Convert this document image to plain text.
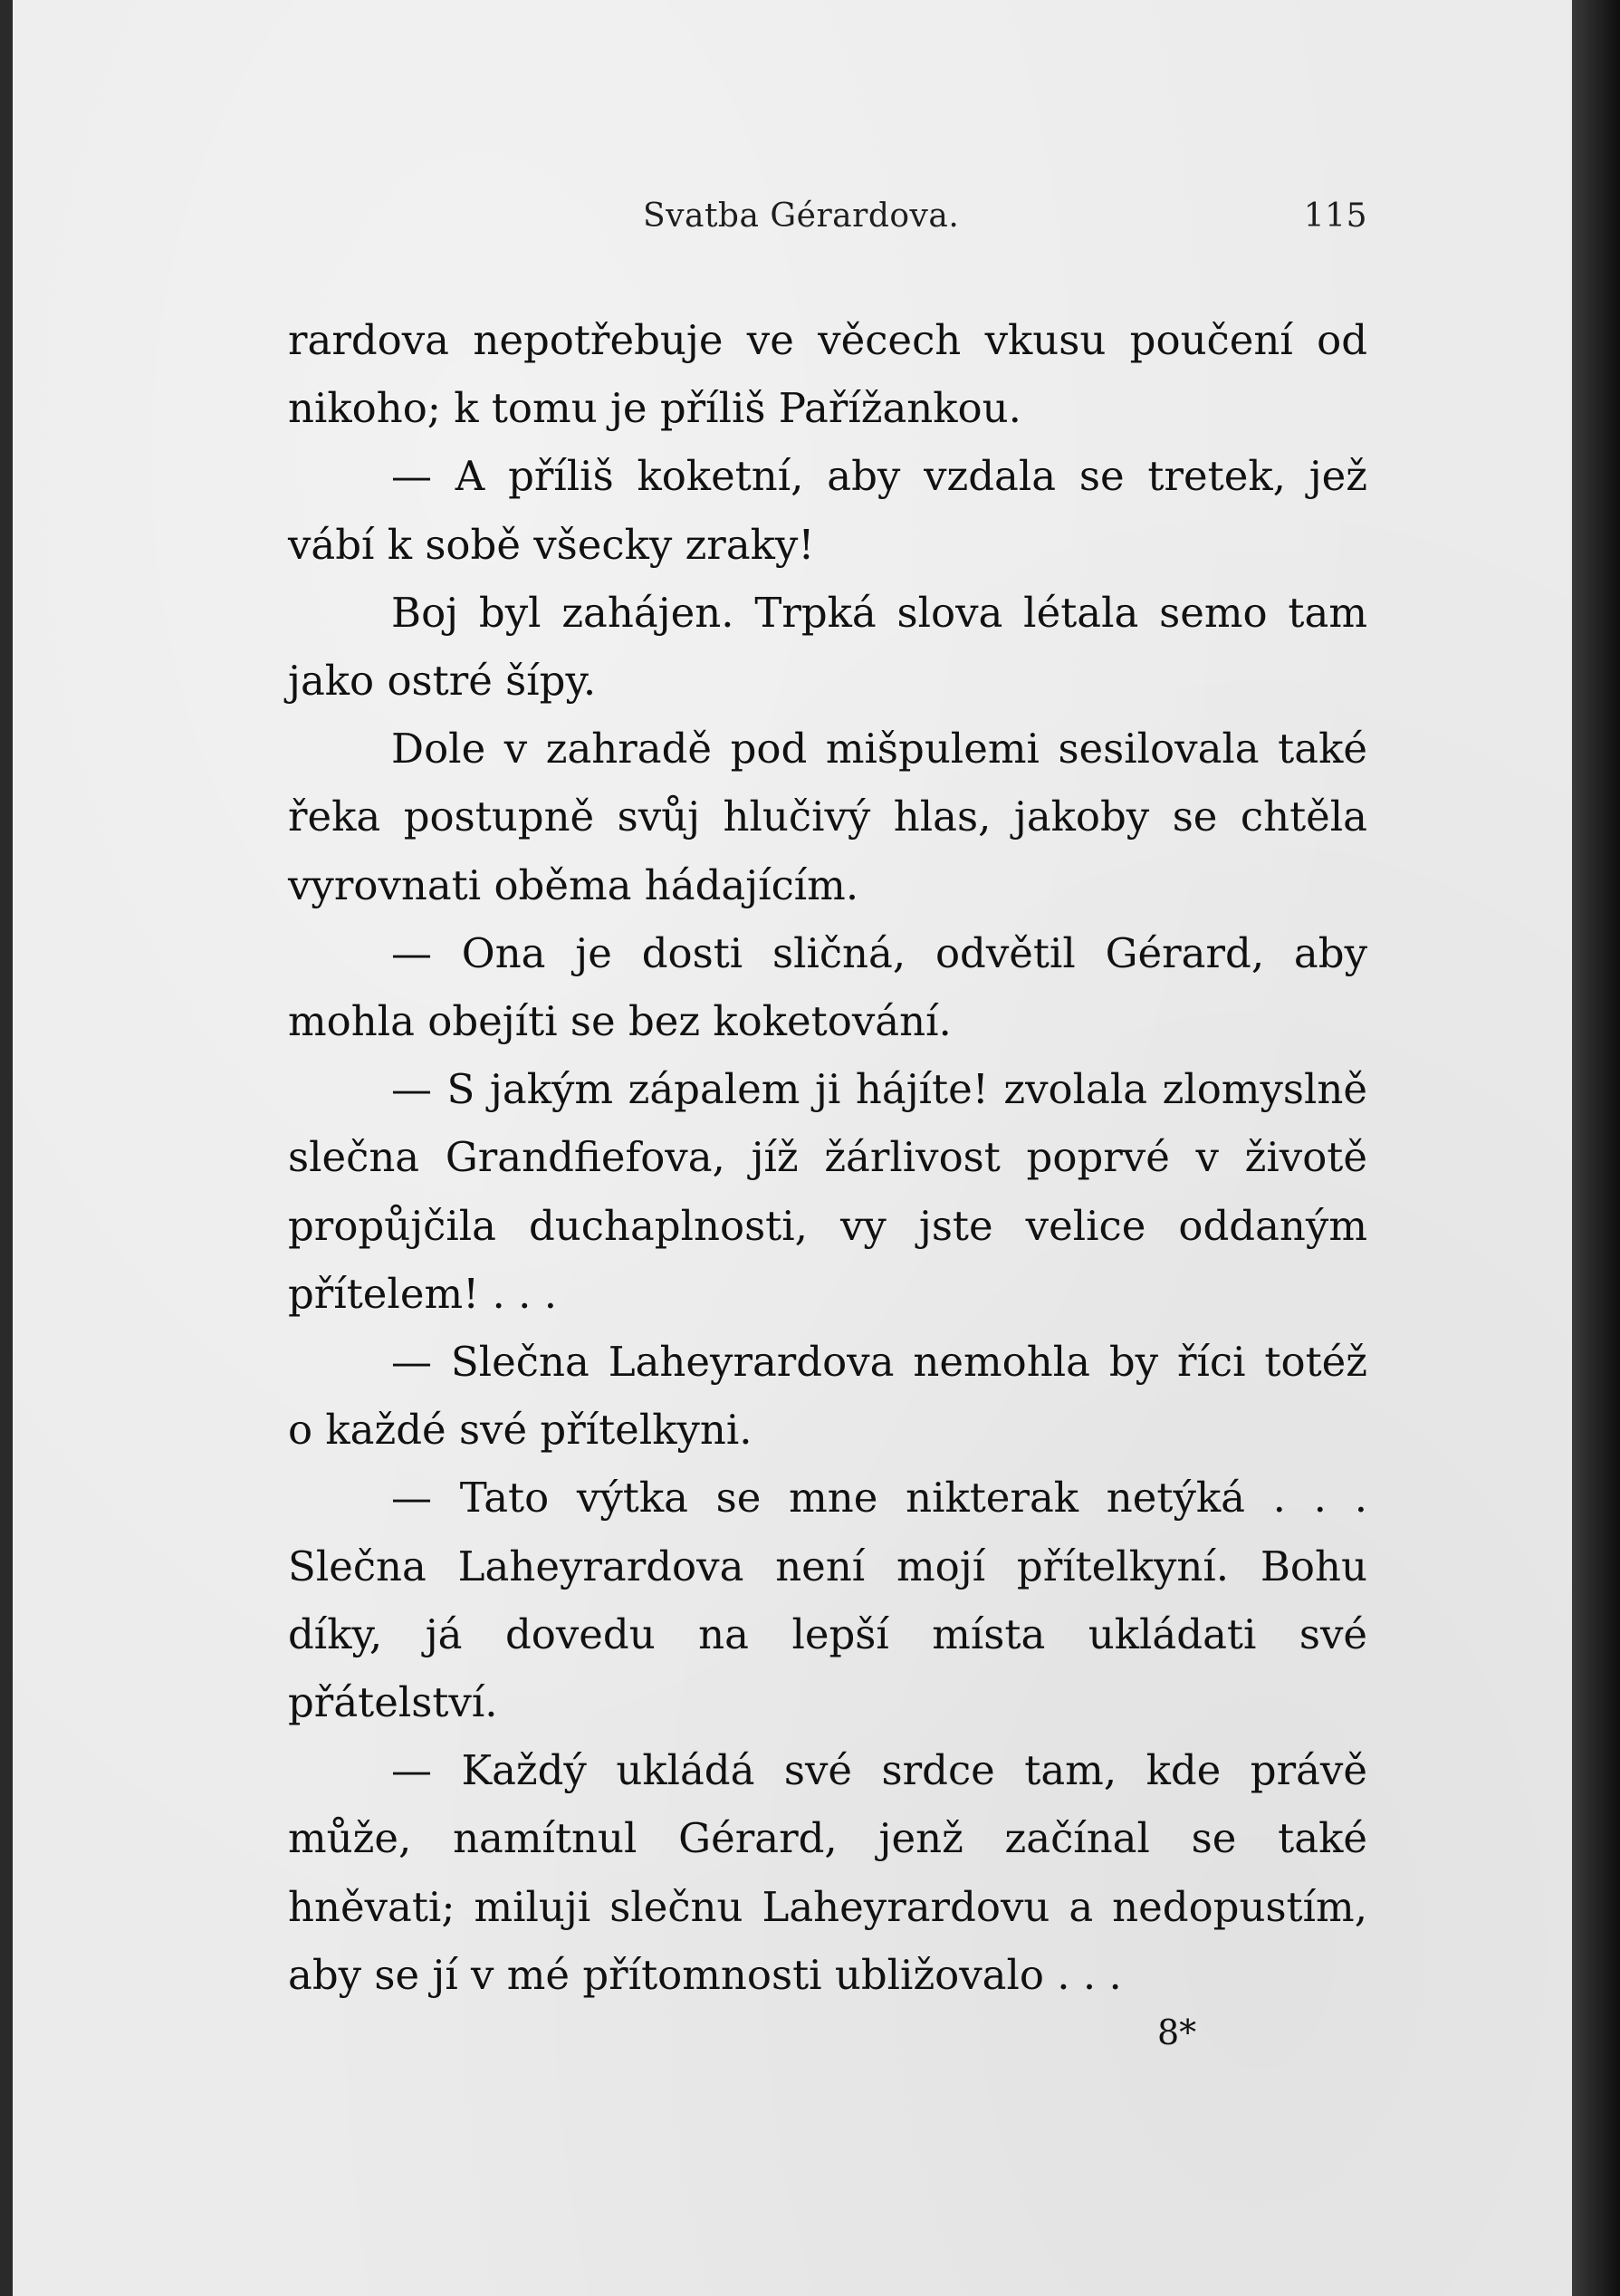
Svatba Gérardova.	115

rardova nepotřebuje ve věcech vkusu poučení od nikoho; k tomu je příliš Pařížankou.

— A příliš koketní, aby vzdala se tretek, jež vábí k sobě všecky zraky!

Boj byl zahájen. Trpká slova létala semo tam jako ostré šípy.

Dole v zahradě pod mišpulemi sesilovala také řeka postupně svůj hlučivý hlas, jakoby se chtěla vyrovnati oběma hádajícím.

— Ona je dosti sličná, odvětil Gérard, aby mohla obejíti se bez koketování.

— S jakým zápalem ji hájíte! zvolala zlomyslně slečna Grandfiefova, jíž žárlivost poprvé v životě propůjčila duchaplnosti, vy jste velice oddaným přítelem! . . .

— Slečna Laheyrardova nemohla by říci totéž o každé své přítelkyni.

— Tato výtka se mne nikterak netýká . . . Slečna Laheyrardova není mojí přítelkyní. Bohu díky, já dovedu na lepší místa ukládati své přátelství.

— Každý ukládá své srdce tam, kde právě může, namítnul Gérard, jenž začínal se také hněvati; miluji slečnu Laheyrardovu a nedopustím, aby se jí v mé přítomnosti ubližovalo . . .

8*
